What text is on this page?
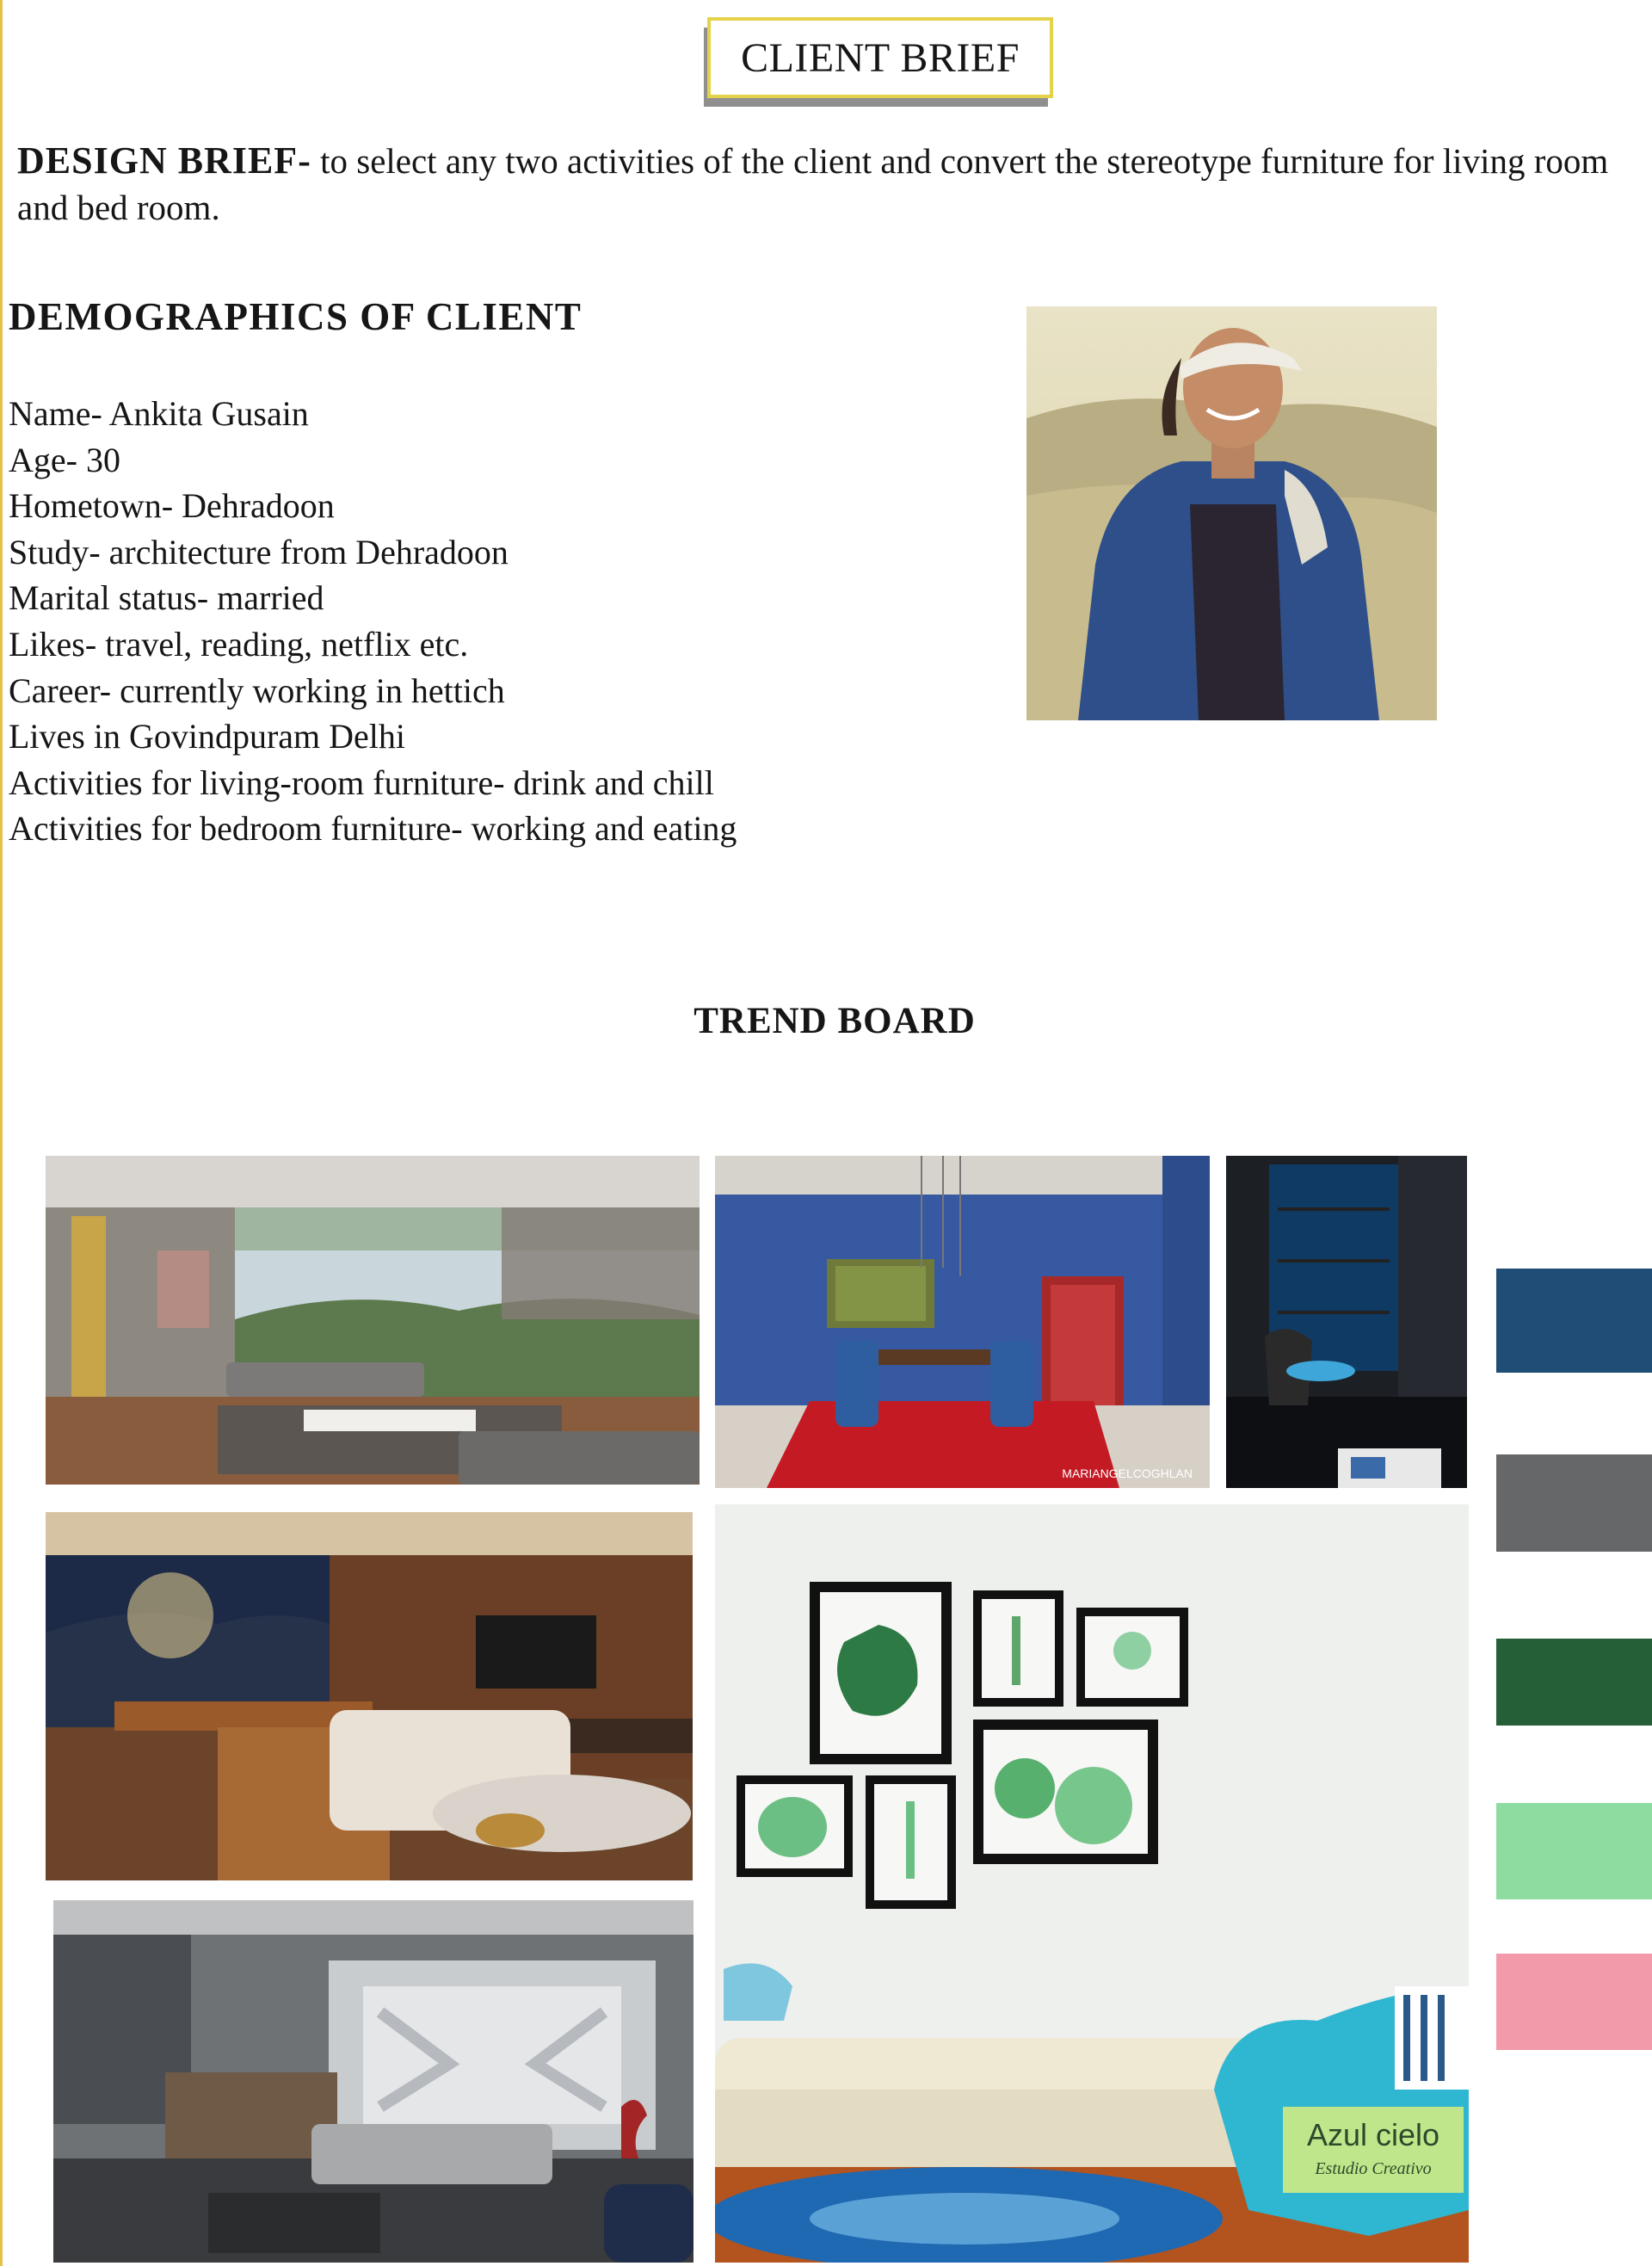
CLIENT BRIEF
DESIGN BRIEF- to select any two activities of the client and convert the stereotype furniture for living room and bed room.
DEMOGRAPHICS OF CLIENT
Name- Ankita Gusain
Age- 30
Hometown- Dehradoon
Study- architecture from Dehradoon
Marital status- married
Likes- travel, reading, netflix etc.
Career- currently working in hettich
Lives in Govindpuram Delhi
Activities for living-room furniture- drink and chill
Activities for bedroom furniture- working and eating
TREND BOARD
MARIANGELCOGHLAN
Azul cielo
Estudio Creativo
